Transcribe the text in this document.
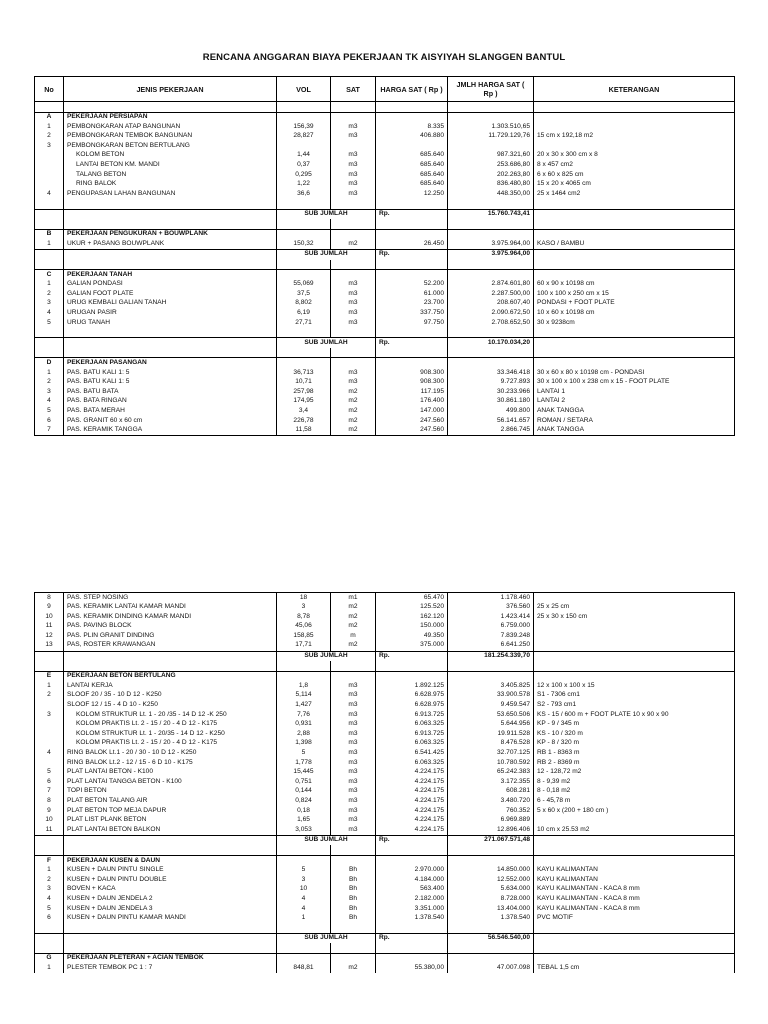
RENCANA ANGGARAN BIAYA PEKERJAAN TK AISYIYAH SLANGGEN BANTUL
No	JENIS PEKERJAAN	VOL	SAT	HARGA SAT ( Rp )	JMLH HARGA SAT ( Rp )	KETERANGAN

A	PEKERJAAN PERSIAPAN					
1	PEMBONGKARAN ATAP BANGUNAN	156,39	m3	8.335	1.303.510,65	
2	PEMBONGKARAN TEMBOK BANGUNAN	28,827	m3	406.880	11.729.129,76	15 cm x 192,18 m2
3	PEMBONGKARAN BETON BERTULANG					
	KOLOM BETON	1,44	m3	685.640	987.321,60	20 x 30 x 300 cm x 8
	LANTAI BETON KM. MANDI	0,37	m3	685.640	253.686,80	8 x 457 cm2
	TALANG BETON	0,295	m3	685.640	202.263,80	6 x 60 x 825 cm
	RING BALOK	1,22	m3	685.640	836.480,80	15 x 20 x 4065 cm
4	PENGUPASAN LAHAN BANGUNAN	36,6	m3	12.250	448.350,00	25 x 1464 cm2

		SUB JUMLAH		Rp.	15.760.743,41	

B	PEKERJAAN PENGUKURAN + BOUWPLANK					
1	UKUR + PASANG BOUWPLANK	150,32	m2	26.450	3.975.964,00	KASO / BAMBU
		SUB JUMLAH		Rp.	3.975.964,00	

C	PEKERJAAN TANAH					
1	GALIAN PONDASI	55,069	m3	52.200	2.874.601,80	60 x 90 x 10198 cm
2	GALIAN FOOT PLATE	37,5	m3	61.000	2.287.500,00	100 x 100 x 250 cm x 15
3	URUG KEMBALI GALIAN TANAH	8,802	m3	23.700	208.607,40	PONDASI + FOOT PLATE
4	URUGAN PASIR	6,19	m3	337.750	2.090.672,50	10 x 60 x 10198 cm
5	URUG TANAH	27,71	m3	97.750	2.708.652,50	30 x 9238cm

		SUB JUMLAH		Rp.	10.170.034,20	

D	PEKERJAAN PASANGAN					
1	PAS. BATU KALI 1: 5	36,713	m3	908.300	33.346.418	30 x 60 x 80 x 10198 cm - PONDASI
2	PAS. BATU KALI 1: 5	10,71	m3	908.300	9.727.893	30 x 100 x 100 x 238 cm x 15 - FOOT PLATE
3	PAS. BATU BATA	257,98	m2	117.195	30.233.966	LANTAI 1
4	PAS. BATA RINGAN	174,95	m2	176.400	30.861.180	LANTAI 2
5	PAS. BATA MERAH	3,4	m2	147.000	499.800	ANAK TANGGA
6	PAS. GRANIT 60 x 60 cm	226,78	m2	247.560	56.141.657	ROMAN / SETARA
7	PAS. KERAMIK TANGGA	11,58	m2	247.560	2.866.745	ANAK TANGGA
8	PAS. STEP NOSING	18	m1	65.470	1.178.460	
9	PAS. KERAMIK LANTAI KAMAR MANDI	3	m2	125.520	376.560	25 x 25 cm
10	PAS. KERAMIK DINDING KAMAR MANDI	8,78	m2	162.120	1.423.414	25 x 30 x 150 cm
11	PAS. PAVING BLOCK	45,06	m2	150.000	6.759.000	
12	PAS. PLIN GRANIT DINDING	158,85	m	49.350	7.839.248	
13	PAS, ROSTER KRAWANGAN	17,71	m2	375.000	6.641.250	
		SUB JUMLAH		Rp.	181.254.339,70	

E	PEKERJAAN BETON BERTULANG					
1	LANTAI KERJA	1,8	m3	1.892.125	3.405.825	12 x 100 x 100 x 15
2	SLOOF 20 / 35 - 10 D 12 - K250	5,114	m3	6.628.975	33.900.578	S1 - 7306 cm1
	SLOOF 12 / 15 - 4 D 10 - K250	1,427	m3	6.628.975	9.459.547	S2 - 793 cm1
3	KOLOM STRUKTUR Lt. 1 - 20 /35 - 14 D 12 -K 250	7,76	m3	6.913.725	53.650.506	KS - 15 / 600 m + FOOT PLATE 10 x 90 x 90
	KOLOM PRAKTIS Lt. 2 - 15 / 20 - 4 D 12 - K175	0,931	m3	6.063.325	5.644.956	KP - 9 / 345 m
	KOLOM STRUKTUR Lt. 1 - 20/35 - 14 D 12 - K250	2,88	m3	6.913.725	19.911.528	KS - 10 / 320 m
	KOLOM PRAKTIS Lt. 2 - 15 / 20 - 4 D 12 - K175	1,398	m3	6.063.325	8.476.528	KP - 8 / 320 m
4	RING BALOK Lt.1 - 20 / 30 - 10 D 12 - K250	5	m3	6.541.425	32.707.125	RB 1 - 8363 m
	RING BALOK Lt.2 - 12 / 15 - 6 D 10 - K175	1,778	m3	6.063.325	10.780.592	RB 2 - 8369 m
5	PLAT LANTAI BETON - K100	15,445	m3	4.224.175	65.242.383	12 - 128,72 m2
6	PLAT LANTAI TANGGA BETON - K100	0,751	m3	4.224.175	3.172.355	8 - 9,39 m2
7	TOPI BETON	0,144	m3	4.224.175	608.281	8 - 0,18 m2
8	PLAT BETON TALANG AIR	0,824	m3	4.224.175	3.480.720	6 - 45,78 m
9	PLAT BETON TOP MEJA DAPUR	0,18	m3	4.224.175	760.352	5 x 60 x (200 + 180 cm )
10	PLAT LIST PLANK BETON	1,65	m3	4.224.175	6.969.889	
11	PLAT LANTAI BETON BALKON	3,053	m3	4.224.175	12.896.406	10 cm x 25.53 m2
		SUB JUMLAH		Rp.	271.067.571,48	

F	PEKERJAAN KUSEN & DAUN					
1	KUSEN + DAUN PINTU SINGLE	5	Bh	2.970.000	14.850.000	KAYU KALIMANTAN
2	KUSEN + DAUN PINTU DOUBLE	3	Bh	4.184.000	12.552.000	KAYU KALIMANTAN
3	BOVEN + KACA	10	Bh	563.400	5.634.000	KAYU KALIMANTAN - KACA 8 mm
4	KUSEN + DAUN JENDELA 2	4	Bh	2.182.000	8.728.000	KAYU KALIMANTAN - KACA 8 mm
5	KUSEN + DAUN JENDELA 3	4	Bh	3.351.000	13.404.000	KAYU KALIMANTAN - KACA 8 mm
6	KUSEN + DAUN PINTU KAMAR MANDI	1	Bh	1.378.540	1.378.540	PVC MOTIF

		SUB JUMLAH		Rp.	56.546.540,00	

G	PEKERJAAN PLETERAN + ACIAN TEMBOK					
1	PLESTER TEMBOK PC 1 : 7	848,81	m2	55.380,00	47.007.098	TEBAL 1,5 cm
